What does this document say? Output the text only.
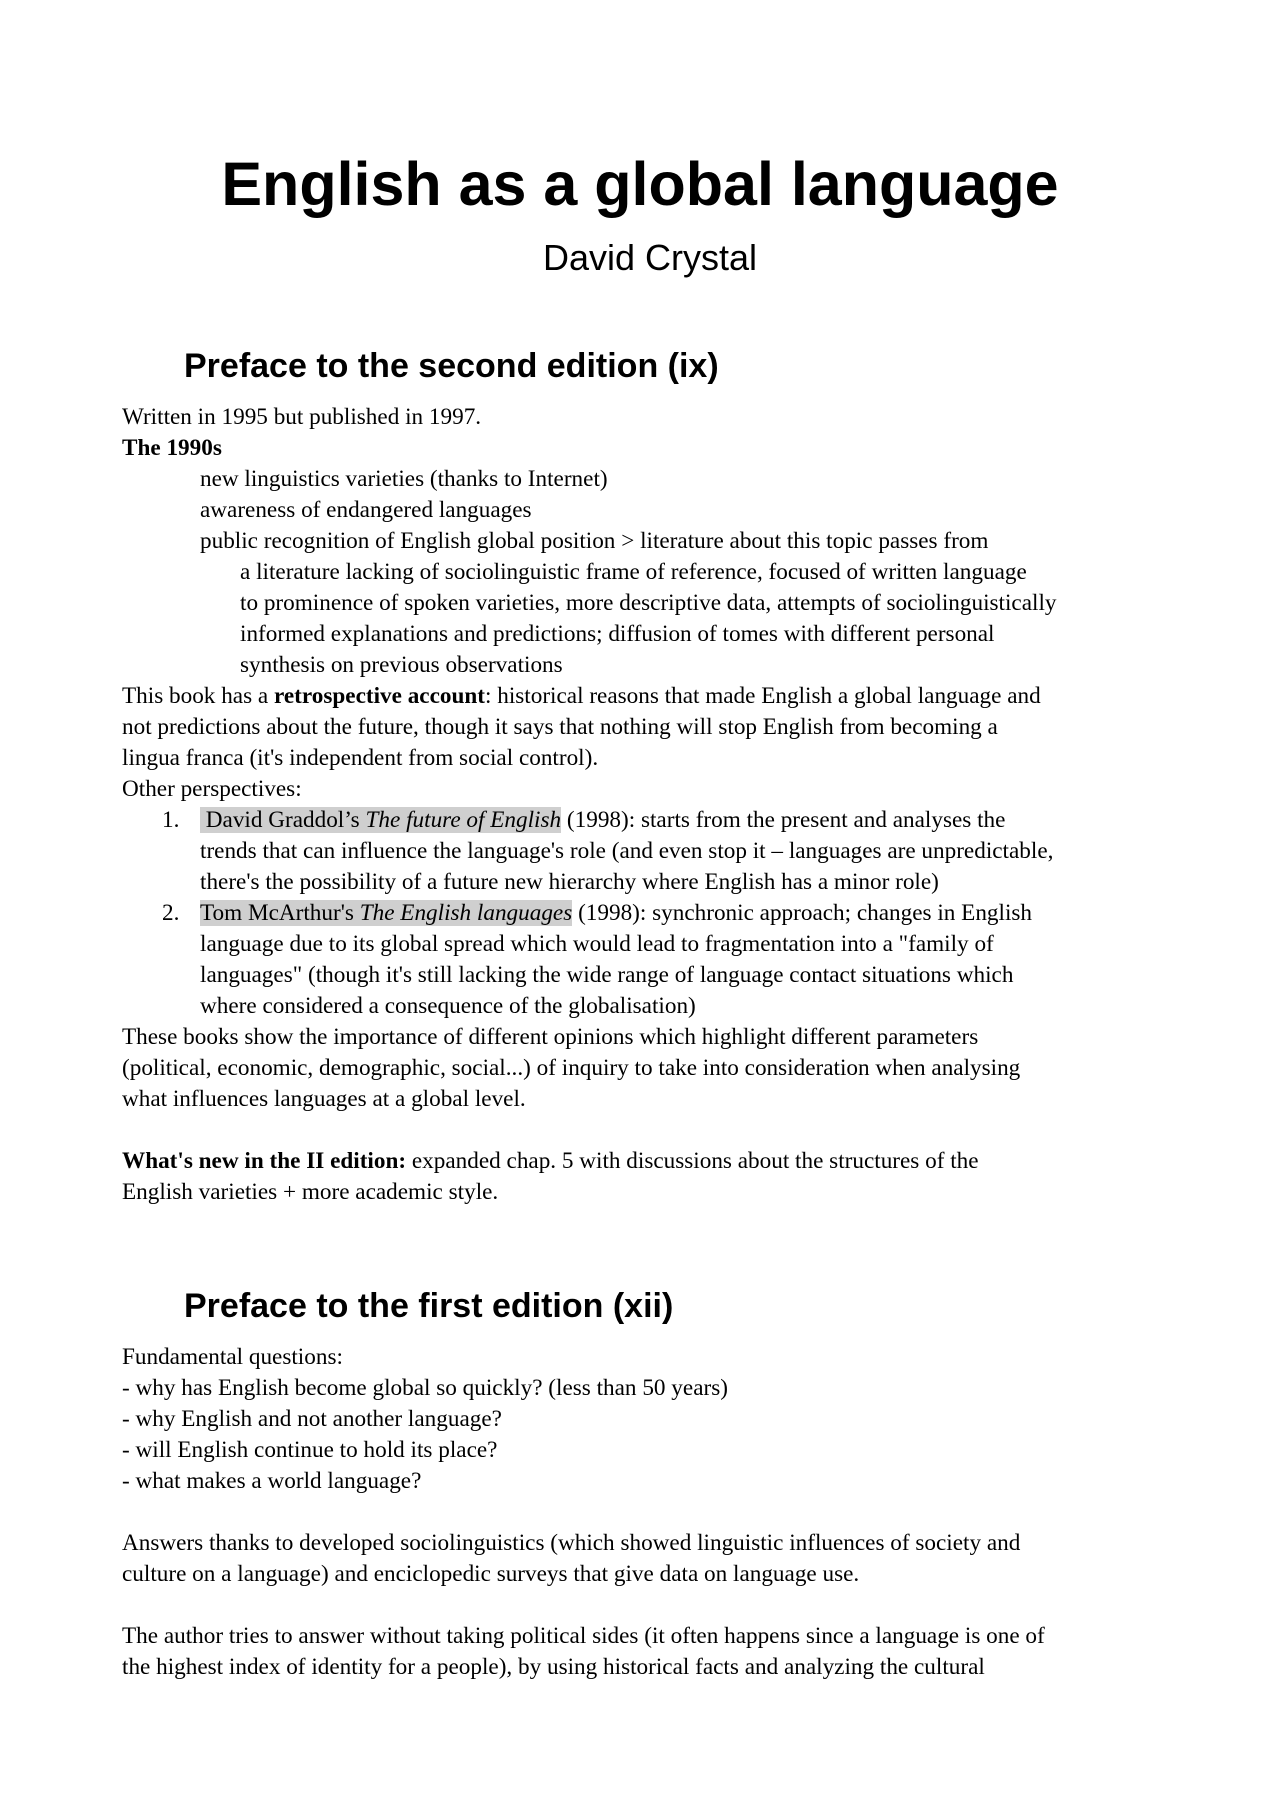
English as a global language
David Crystal
Preface to the second edition (ix)
Written in 1995 but published in 1997.
The 1990s
new linguistics varieties (thanks to Internet)
awareness of endangered languages
public recognition of English global position > literature about this topic passes from
a literature lacking of sociolinguistic frame of reference, focused of written language
to prominence of spoken varieties, more descriptive data, attempts of sociolinguistically
informed explanations and predictions; diffusion of tomes with different personal
synthesis on previous observations
This book has a retrospective account: historical reasons that made English a global language and
not predictions about the future, though it says that nothing will stop English from becoming a
lingua franca (it's independent from social control).
Other perspectives:
1. David Graddol’s The future of English (1998): starts from the present and analyses the
trends that can influence the language's role (and even stop it – languages are unpredictable,
there's the possibility of a future new hierarchy where English has a minor role)
2. Tom McArthur's The English languages (1998): synchronic approach; changes in English
language due to its global spread which would lead to fragmentation into a "family of
languages" (though it's still lacking the wide range of language contact situations which
where considered a consequence of the globalisation)
These books show the importance of different opinions which highlight different parameters
(political, economic, demographic, social...) of inquiry to take into consideration when analysing
what influences languages at a global level.
What's new in the II edition: expanded chap. 5 with discussions about the structures of the
English varieties + more academic style.
Preface to the first edition (xii)
Fundamental questions:
- why has English become global so quickly? (less than 50 years)
- why English and not another language?
- will English continue to hold its place?
- what makes a world language?
Answers thanks to developed sociolinguistics (which showed linguistic influences of society and
culture on a language) and enciclopedic surveys that give data on language use.
The author tries to answer without taking political sides (it often happens since a language is one of
the highest index of identity for a people), by using historical facts and analyzing the cultural
